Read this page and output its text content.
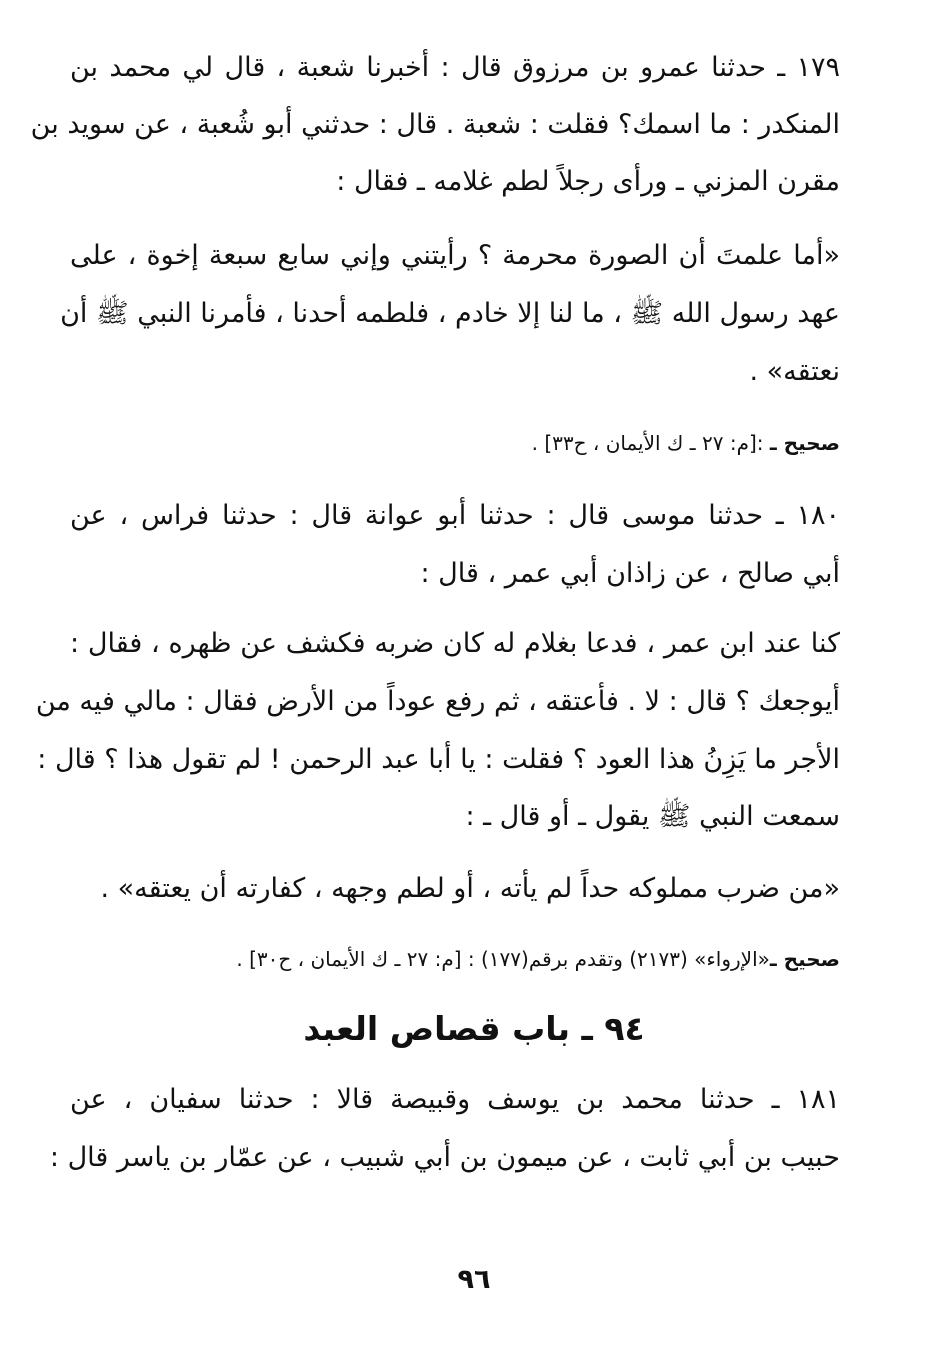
١٧٩ ـ حدثنا عمرو بن مرزوق قال : أخبرنا شعبة ، قال لي محمد بن
المنكدر : ما اسمك؟ فقلت : شعبة . قال : حدثني أبو شُعبة ، عن سويد بن
مقرن المزني ـ ورأى رجلاً لطم غلامه ـ فقال :
«أما علمتَ أن الصورة محرمة ؟ رأيتني وإني سابع سبعة إخوة ، على
عهد رسول الله ﷺ ، ما لنا إلا خادم ، فلطمه أحدنا ، فأمرنا النبي ﷺ أن
نعتقه» .
صحيح ـ :[م: ٢٧ ـ ك الأيمان ، ح٣٣] .
١٨٠ ـ حدثنا موسى قال : حدثنا أبو عوانة قال : حدثنا فراس ، عن
أبي صالح ، عن زاذان أبي عمر ، قال :
كنا عند ابن عمر ، فدعا بغلام له كان ضربه فكشف عن ظهره ، فقال :
أيوجعك ؟ قال : لا . فأعتقه ، ثم رفع عوداً من الأرض فقال : مالي فيه من
الأجر ما يَزِنُ هذا العود ؟ فقلت : يا أبا عبد الرحمن ! لم تقول هذا ؟ قال :
سمعت النبي ﷺ يقول ـ أو قال ـ :
«من ضرب مملوكه حداً لم يأته ، أو لطم وجهه ، كفارته أن يعتقه» .
صحيح ـ«الإرواء» (٢١٧٣) وتقدم برقم(١٧٧) : [م: ٢٧ ـ ك الأيمان ، ح٣٠] .
٩٤ ـ باب قصاص العبد
١٨١ ـ حدثنا محمد بن يوسف وقبيصة قالا : حدثنا سفيان ، عن
حبيب بن أبي ثابت ، عن ميمون بن أبي شبيب ، عن عمّار بن ياسر قال :
٩٦
